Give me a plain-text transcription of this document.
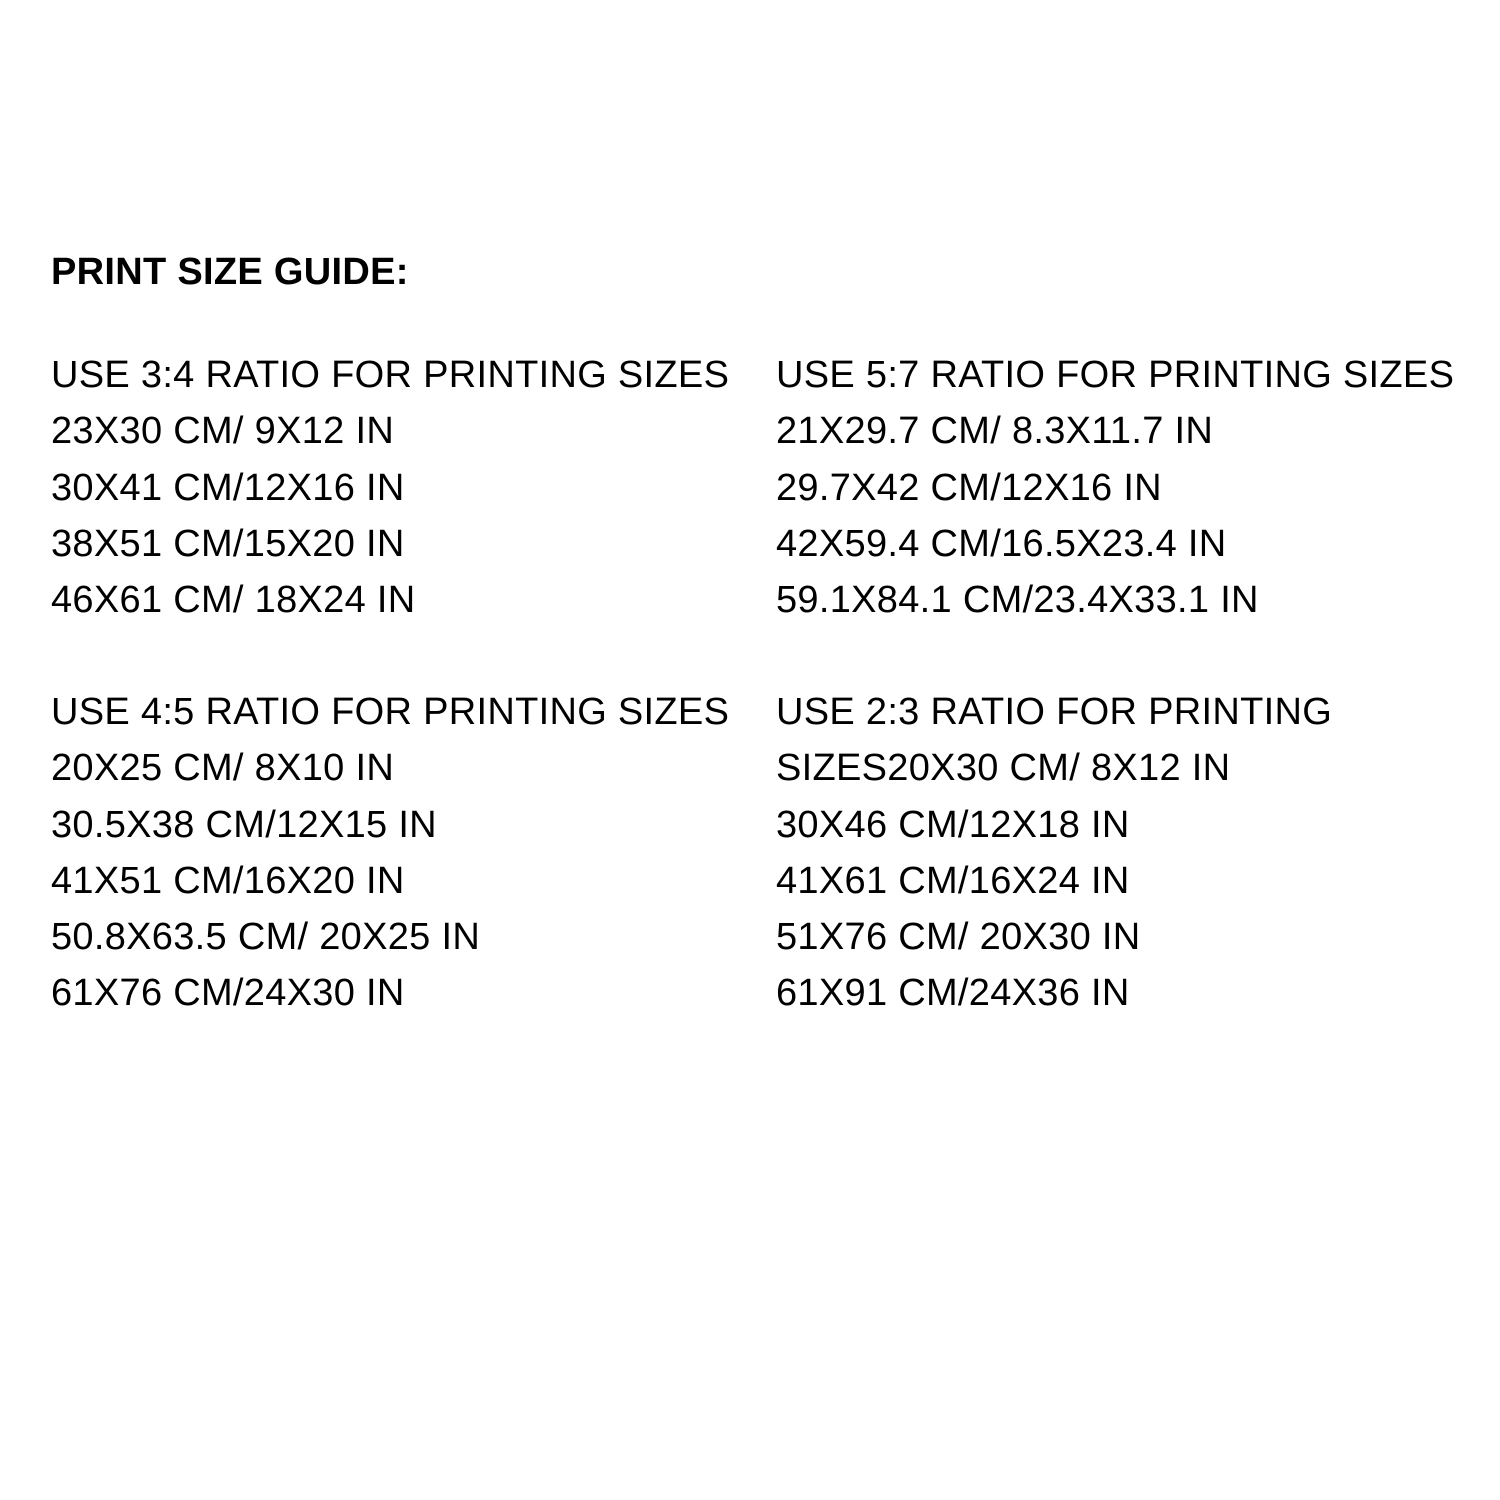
PRINT SIZE GUIDE:
USE 3:4 RATIO FOR PRINTING SIZES
23X30 CM/ 9X12 IN
30X41 CM/12X16 IN
38X51 CM/15X20 IN
46X61 CM/ 18X24 IN
USE 5:7 RATIO FOR PRINTING SIZES
21X29.7 CM/ 8.3X11.7 IN
29.7X42 CM/12X16 IN
42X59.4 CM/16.5X23.4 IN
59.1X84.1 CM/23.4X33.1 IN
USE 4:5 RATIO FOR PRINTING SIZES
20X25 CM/ 8X10 IN
30.5X38 CM/12X15 IN
41X51 CM/16X20 IN
50.8X63.5 CM/ 20X25 IN
61X76 CM/24X30 IN
USE 2:3 RATIO FOR PRINTING
SIZES20X30 CM/ 8X12 IN
30X46 CM/12X18 IN
41X61 CM/16X24 IN
51X76 CM/ 20X30 IN
61X91 CM/24X36 IN
